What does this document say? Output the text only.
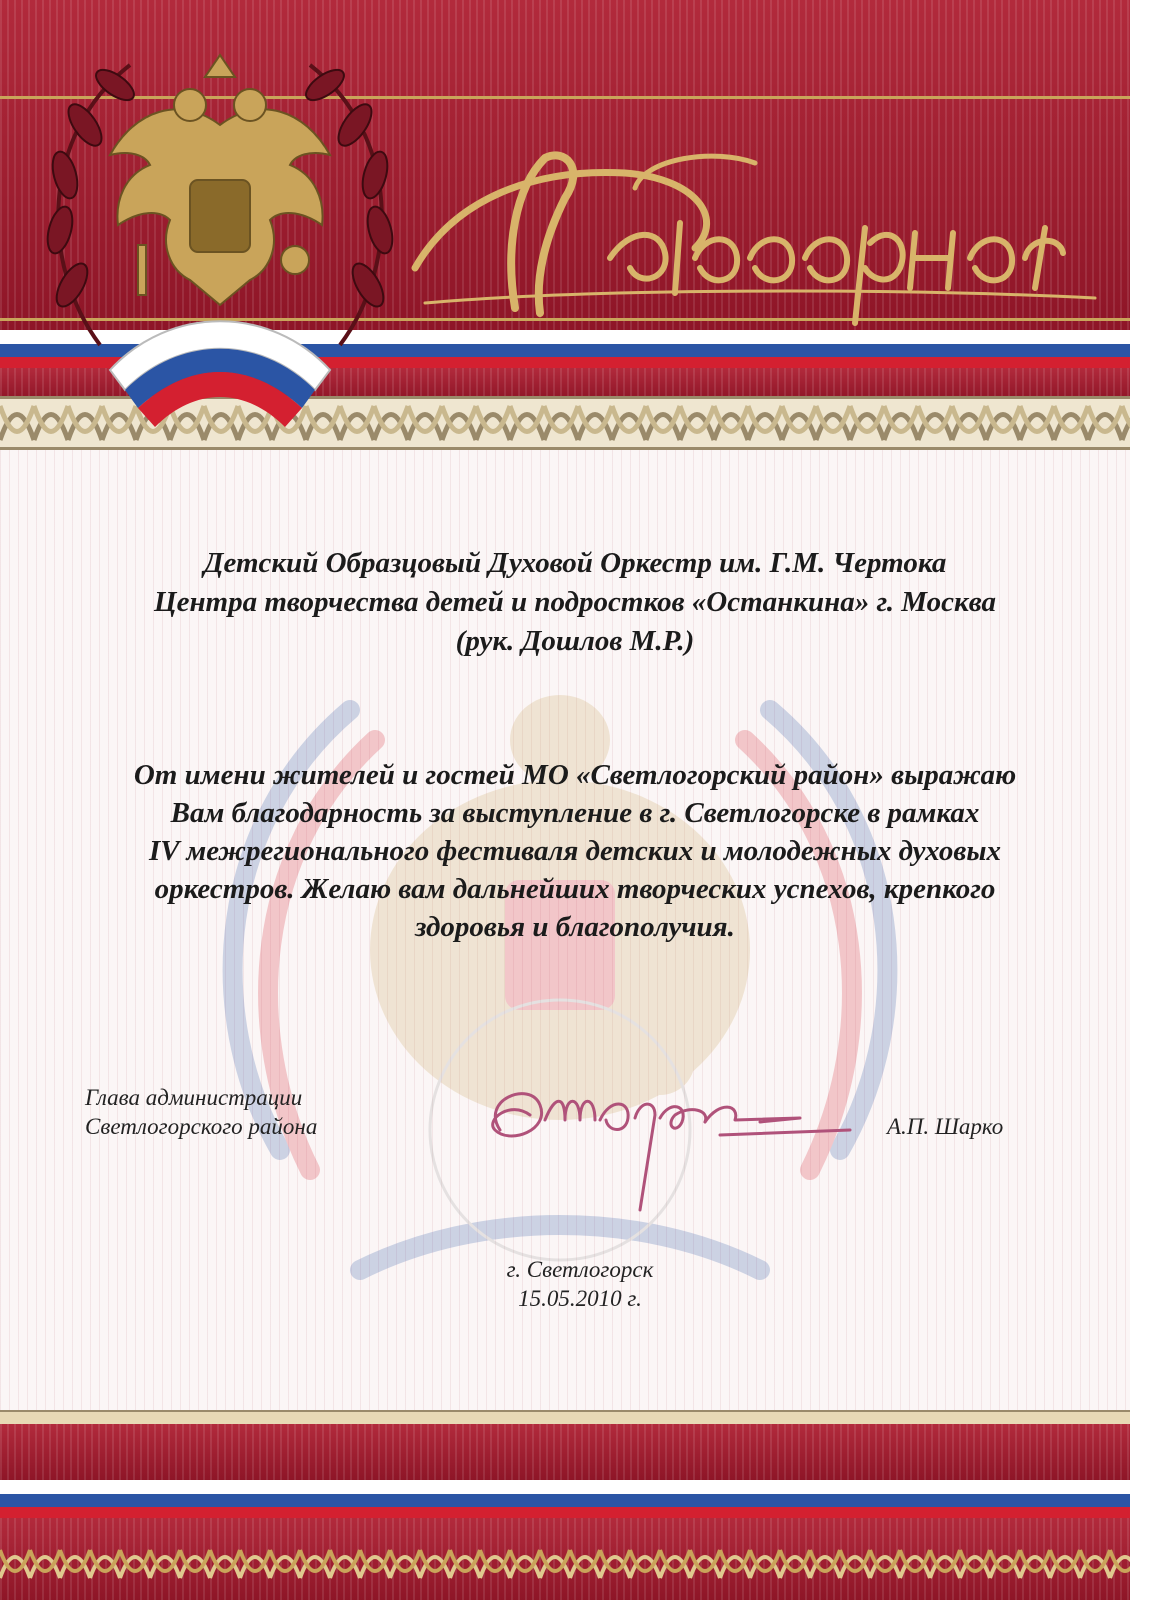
Детский Образцовый Духовой Оркестр им. Г.М. Чертока
Центра творчества детей и подростков «Останкина» г. Москва
(рук. Дошлов М.Р.)
От имени жителей и гостей МО «Светлогорский район» выражаю
Вам благодарность за выступление в г. Светлогорске в рамках
IV межрегионального фестиваля детских и молодежных духовых
оркестров. Желаю вам дальнейших творческих успехов, крепкого
здоровья и благополучия.
Глава администрации
Светлогорского района	А.П. Шарко
г. Светлогорск
15.05.2010 г.
